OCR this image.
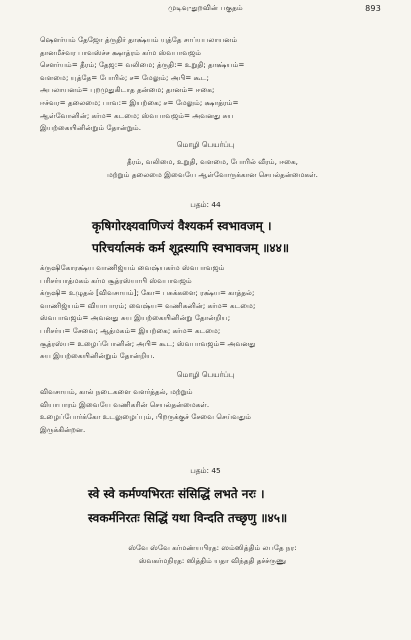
முடிவு-துறவின் பகுதம்	893

ஷௌர்யம் தேஜோ த்ருதிர் தாக்ஷ்யம் யுத்தே சாப்யபலாயனம்

தானமீச்வர பாவஸ்ச்ச க்ஷாத்ரம் கர்ம ஸ்வபாவஜம்

சௌர்யம்= தீரம்; தேஜ:= வலிமை; த்ருதி:= உறுதி; தாக்ஷ்யம்=

வளமை; யுத்தே= போரில்; ச= மேலும்; அபி= கூட;

அபலாயனம்= புறமுதுகிடாத தன்மை; தானம்= ஈகை;

ஈச்வர= தலைமை; பாவ:= இயற்கை; ச= மேலும்; க்ஷாத்ரம்=

ஆள்வோனின்; கர்ம= கடமை; ஸ்வபாவஜம்= அவனது சுய

இயற்கையினின்றும் தோன்றும்.

மொழி பெயர்ப்பு

தீரம், வலிமை, உறுதி, வளமை, போரில் வீரம், ஈகை,

மற்றும் தலைமை இவையே ஆள்வோருக்கான செயல்தன்மைகள்.

பதம்: 44
कृषिगोरक्ष्यवाणिज्यं वैश्यकर्म स्वभावजम् ।
परिचर्यात्मकं कर्म शूद्रस्यापि स्वभावजम् ॥४४॥

க்ருஷிகோரக்ஷ்ய வாணிஜ்யம் வைஷ்யகர்ம ஸ்வபாவஜம்

பரிசர்யாத்மகம் கர்ம சூத்ரஸ்யாபி ஸ்வபாவஜம்

க்ருஷி= உழுதல் [விவசாயம்]; கோ= பசுக்களை; ரக்ஷ்ய= காத்தல்;

வாணிஜ்யம்= வியாபாரம்; வைஷ்ய= வணிகனின்; கர்ம= கடமை;

ஸ்வபாவஜம்= அவனது சுய இயற்கையினின்று தோன்றிய;

பரிசர்ய= சேவை; ஆத்மகம்= இயற்கை; கர்ம= கடமை;

சூத்ரஸ்ய= உழைப்போனின்; அபி= கூட; ஸ்வபாவஜம்= அவனது

சுய இயற்கையினின்றும் தோன்றிய.

மொழி பெயர்ப்பு

விவசாயம், கால் நடைகளை வளர்த்தல், மற்றும்

வியாபாரம் இவையே வணிகரின் செயல்தன்மைகள்.

உழைப்போர்க்கோ உடலுழைப்பும், பிறருக்குச் சேவை செய்வதும்

இருக்கின்றன.

பதம்: 45
स्वे स्वे कर्मण्यभिरतः संसिद्धिं लभते नरः ।
स्वकर्मनिरतः सिद्धिं यथा विन्दति तच्छृणु ॥४५॥

ஸ்வே ஸ்வே கர்மண்யபிரத: ஸம்ஸித்திம் லபதே நர:

ஸ்வகர்மநிரத: ஸித்திம் யதா விந்ததி தச்ச்ருணு
